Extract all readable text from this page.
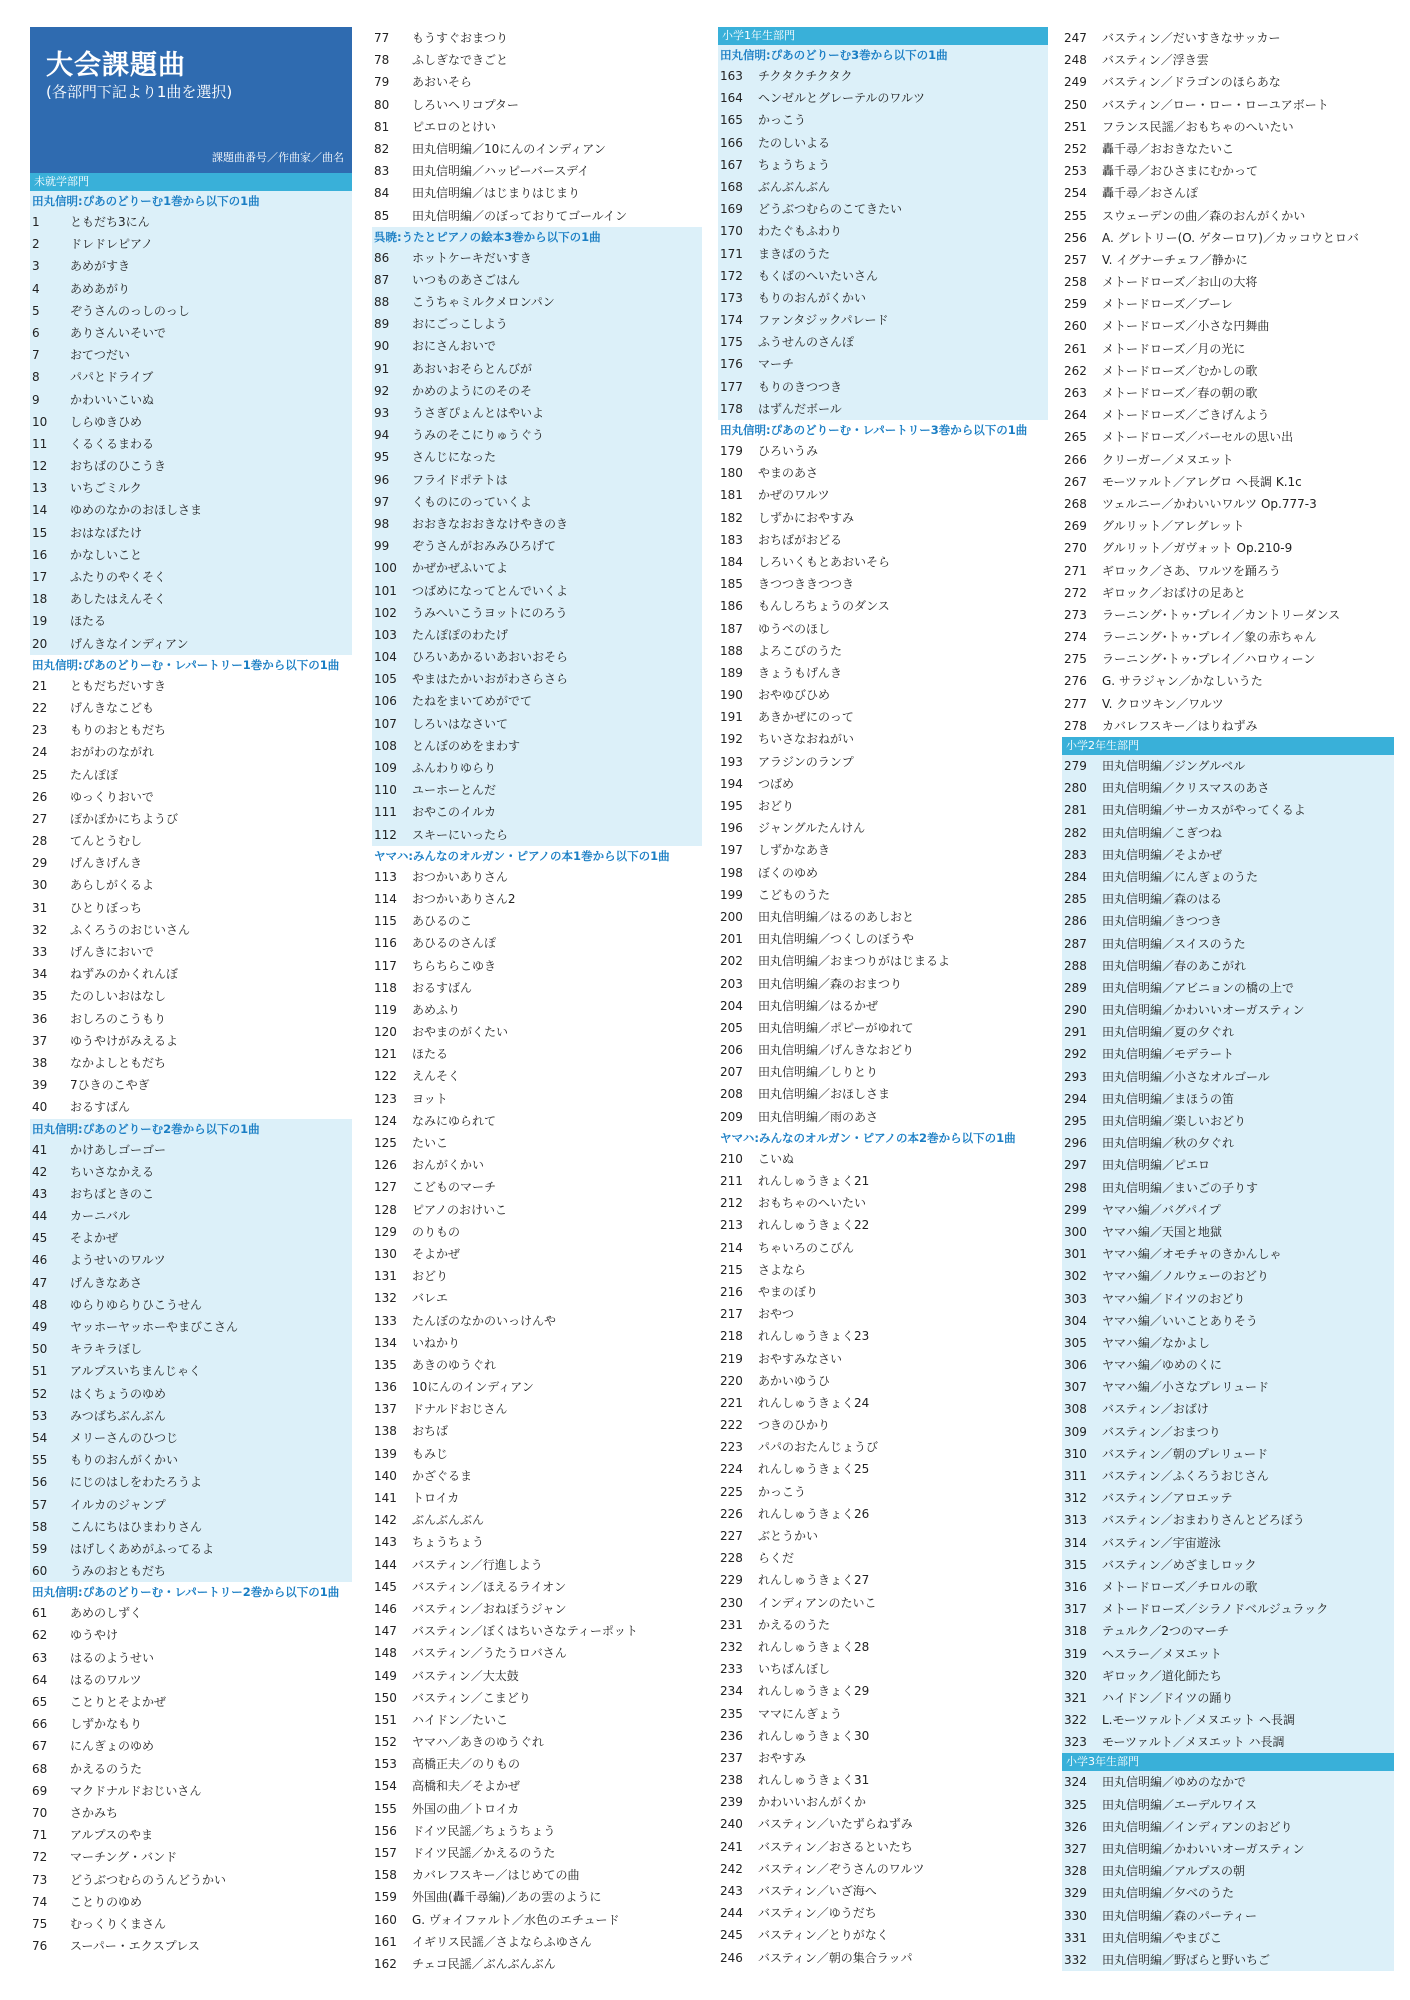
大会課題曲
(各部門下記より1曲を選択)
課題曲番号／作曲家／曲名
未就学部門
田丸信明:ぴあのどりーむ1巻から以下の1曲
1	ともだち3にん
2	ドレドレピアノ
3	あめがすき
4	あめあがり
5	ぞうさんのっしのっし
6	ありさんいそいで
7	おてつだい
8	パパとドライブ
9	かわいいこいぬ
10 しらゆきひめ
11 くるくるまわる
12 おちばのひこうき
13 いちごミルク
14 ゆめのなかのおほしさま
15 おはなばたけ
16 かなしいこと
17 ふたりのやくそく
18 あしたはえんそく
19 ほたる
20 げんきなインディアン
田丸信明:ぴあのどりーむ・レパートリー1巻から以下の1曲
21 ともだちだいすき
22 げんきなこども
23 もりのおともだち
24 おがわのながれ
25 たんぽぽ
26 ゆっくりおいで
27 ぽかぽかにちようび
28 てんとうむし
29 げんきげんき
30 あらしがくるよ
31 ひとりぼっち
32 ふくろうのおじいさん
33 げんきにおいで
34 ねずみのかくれんぼ
35 たのしいおはなし
36 おしろのこうもり
37 ゆうやけがみえるよ
38 なかよしともだち
39 7ひきのこやぎ
40 おるすばん
田丸信明:ぴあのどりーむ2巻から以下の1曲
41 かけあしゴーゴー
42 ちいさなかえる
43 おちばときのこ
44 カーニバル
45 そよかぜ
46 ようせいのワルツ
47 げんきなあさ
48 ゆらりゆらりひこうせん
49 ヤッホーヤッホーやまびこさん
50 キラキラぼし
51 アルプスいちまんじゃく
52 はくちょうのゆめ
53 みつばちぶんぶん
54 メリーさんのひつじ
55 もりのおんがくかい
56 にじのはしをわたろうよ
57 イルカのジャンプ
58 こんにちはひまわりさん
59 はげしくあめがふってるよ
60 うみのおともだち
田丸信明:ぴあのどりーむ・レパートリー2巻から以下の1曲
61 あめのしずく
62 ゆうやけ
63 はるのようせい
64 はるのワルツ
65 ことりとそよかぜ
66 しずかなもり
67 にんぎょのゆめ
68 かえるのうた
69 マクドナルドおじいさん
70 さかみち
71 アルプスのやま
72 マーチング・バンド
73 どうぶつむらのうんどうかい
74 ことりのゆめ
75 むっくりくまさん
76 スーパー・エクスプレス
77 もうすぐおまつり
78 ふしぎなできごと
79 あおいそら
80 しろいヘリコプター
81 ピエロのとけい
82 田丸信明編／10にんのインディアン
83 田丸信明編／ハッピーバースデイ
84 田丸信明編／はじまりはじまり
85 田丸信明編／のぼっておりてゴールイン
呉暁:うたとピアノの絵本3巻から以下の1曲
86 ホットケーキだいすき
87 いつものあさごはん
88 こうちゃミルクメロンパン
89 おにごっこしよう
90 おにさんおいで
91 あおいおそらとんびが
92 かめのようにのそのそ
93 うさぎぴょんとはやいよ
94 うみのそこにりゅうぐう
95 さんじになった
96 フライドポテトは
97 くものにのっていくよ
98 おおきなおおきなけやきのき
99 ぞうさんがおみみひろげて
100 かぜかぜふいてよ
101 つばめになってとんでいくよ
102 うみへいこうヨットにのろう
103 たんぽぽのわたげ
104 ひろいあかるいあおいおそら
105 やまはたかいおがわさらさら
106 たねをまいてめがでて
107 しろいはなさいて
108 とんぼのめをまわす
109 ふんわりゆらり
110 ユーホーとんだ
111 おやこのイルカ
112 スキーにいったら
ヤマハ:みんなのオルガン・ピアノの本1巻から以下の1曲
113 おつかいありさん
114 おつかいありさん2
115 あひるのこ
116 あひるのさんぽ
117 ちらちらこゆき
118 おるすばん
119 あめふり
120 おやまのがくたい
121 ほたる
122 えんそく
123 ヨット
124 なみにゆられて
125 たいこ
126 おんがくかい
127 こどものマーチ
128 ピアノのおけいこ
129 のりもの
130 そよかぜ
131 おどり
132 バレエ
133 たんぼのなかのいっけんや
134 いねかり
135 あきのゆうぐれ
136 10にんのインディアン
137 ドナルドおじさん
138 おちば
139 もみじ
140 かざぐるま
141 トロイカ
142 ぶんぶんぶん
143 ちょうちょう
144 バスティン／行進しよう
145 バスティン／ほえるライオン
146 バスティン／おねぼうジャン
147 バスティン／ぼくはちいさなティーポット
148 バスティン／うたうロバさん
149 バスティン／大太鼓
150 バスティン／こまどり
151 ハイドン／たいこ
152 ヤマハ／あきのゆうぐれ
153 高橋正夫／のりもの
154 高橋和夫／そよかぜ
155 外国の曲／トロイカ
156 ドイツ民謡／ちょうちょう
157 ドイツ民謡／かえるのうた
158 カバレフスキー／はじめての曲
159 外国曲(轟千尋編)／あの雲のように
160 G. ヴォイファルト／水色のエチュード
161 イギリス民謡／さよならふゆさん
162 チェコ民謡／ぶんぶんぶん
小学1年生部門
田丸信明:ぴあのどりーむ3巻から以下の1曲
163 チクタクチクタク
164 ヘンゼルとグレーテルのワルツ
165 かっこう
166 たのしいよる
167 ちょうちょう
168 ぶんぶんぶん
169 どうぶつむらのこてきたい
170 わたぐもふわり
171 まきばのうた
172 もくばのへいたいさん
173 もりのおんがくかい
174 ファンタジックパレード
175 ふうせんのさんぽ
176 マーチ
177 もりのきつつき
178 はずんだボール
田丸信明:ぴあのどりーむ・レパートリー3巻から以下の1曲
179 ひろいうみ
180 やまのあさ
181 かぜのワルツ
182 しずかにおやすみ
183 おちばがおどる
184 しろいくもとあおいそら
185 きつつききつつき
186 もんしろちょうのダンス
187 ゆうべのほし
188 よろこびのうた
189 きょうもげんき
190 おやゆびひめ
191 あきかぜにのって
192 ちいさなおねがい
193 アラジンのランプ
194 つばめ
195 おどり
196 ジャングルたんけん
197 しずかなあき
198 ぼくのゆめ
199 こどものうた
200 田丸信明編／はるのあしおと
201 田丸信明編／つくしのぼうや
202 田丸信明編／おまつりがはじまるよ
203 田丸信明編／森のおまつり
204 田丸信明編／はるかぜ
205 田丸信明編／ポピーがゆれて
206 田丸信明編／げんきなおどり
207 田丸信明編／しりとり
208 田丸信明編／おほしさま
209 田丸信明編／雨のあさ
ヤマハ:みんなのオルガン・ピアノの本2巻から以下の1曲
210 こいぬ
211 れんしゅうきょく21
212 おもちゃのへいたい
213 れんしゅうきょく22
214 ちゃいろのこびん
215 さよなら
216 やまのぼり
217 おやつ
218 れんしゅうきょく23
219 おやすみなさい
220 あかいゆうひ
221 れんしゅうきょく24
222 つきのひかり
223 パパのおたんじょうび
224 れんしゅうきょく25
225 かっこう
226 れんしゅうきょく26
227 ぶとうかい
228 らくだ
229 れんしゅうきょく27
230 インディアンのたいこ
231 かえるのうた
232 れんしゅうきょく28
233 いちばんぼし
234 れんしゅうきょく29
235 ママにんぎょう
236 れんしゅうきょく30
237 おやすみ
238 れんしゅうきょく31
239 かわいいおんがくか
240 バスティン／いたずらねずみ
241 バスティン／おさるといたち
242 バスティン／ぞうさんのワルツ
243 バスティン／いざ海へ
244 バスティン／ゆうだち
245 バスティン／とりがなく
246 バスティン／朝の集合ラッパ
247 バスティン／だいすきなサッカー
248 バスティン／浮き雲
249 バスティン／ドラゴンのほらあな
250 バスティン／ロー・ロー・ローユアボート
251 フランス民謡／おもちゃのへいたい
252 轟千尋／おおきなたいこ
253 轟千尋／おひさまにむかって
254 轟千尋／おさんぽ
255 スウェーデンの曲／森のおんがくかい
256 A. グレトリー(O. ゲターロワ)／カッコウとロバ
257 V. イグナーチェフ／静かに
258 メトードローズ／お山の大将
259 メトードローズ／ブーレ
260 メトードローズ／小さな円舞曲
261 メトードローズ／月の光に
262 メトードローズ／むかしの歌
263 メトードローズ／春の朝の歌
264 メトードローズ／ごきげんよう
265 メトードローズ／バーセルの思い出
266 クリーガー／メヌエット
267 モーツァルト／アレグロ ヘ長調 K.1c
268 ツェルニー／かわいいワルツ Op.777-3
269 グルリット／アレグレット
270 グルリット／ガヴォット Op.210-9
271 ギロック／さあ、ワルツを踊ろう
272 ギロック／おばけの足あと
273 ラーニング･トゥ･プレイ／カントリーダンス
274 ラーニング･トゥ･プレイ／象の赤ちゃん
275 ラーニング･トゥ･プレイ／ハロウィーン
276 G. サラジャン／かなしいうた
277 V. クロツキン／ワルツ
278 カバレフスキー／はりねずみ
小学2年生部門
279 田丸信明編／ジングルベル
280 田丸信明編／クリスマスのあさ
281 田丸信明編／サーカスがやってくるよ
282 田丸信明編／こぎつね
283 田丸信明編／そよかぜ
284 田丸信明編／にんぎょのうた
285 田丸信明編／森のはる
286 田丸信明編／きつつき
287 田丸信明編／スイスのうた
288 田丸信明編／春のあこがれ
289 田丸信明編／アビニョンの橋の上で
290 田丸信明編／かわいいオーガスティン
291 田丸信明編／夏の夕ぐれ
292 田丸信明編／モデラート
293 田丸信明編／小さなオルゴール
294 田丸信明編／まほうの笛
295 田丸信明編／楽しいおどり
296 田丸信明編／秋の夕ぐれ
297 田丸信明編／ピエロ
298 田丸信明編／まいごの子りす
299 ヤマハ編／バグパイプ
300 ヤマハ編／天国と地獄
301 ヤマハ編／オモチャのきかんしゃ
302 ヤマハ編／ノルウェーのおどり
303 ヤマハ編／ドイツのおどり
304 ヤマハ編／いいことありそう
305 ヤマハ編／なかよし
306 ヤマハ編／ゆめのくに
307 ヤマハ編／小さなプレリュード
308 バスティン／おばけ
309 バスティン／おまつり
310 バスティン／朝のプレリュード
311 バスティン／ふくろうおじさん
312 バスティン／アロエッテ
313 バスティン／おまわりさんとどろぼう
314 バスティン／宇宙遊泳
315 バスティン／めざましロック
316 メトードローズ／チロルの歌
317 メトードローズ／シラノドベルジュラック
318 テュルク／2つのマーチ
319 ヘスラー／メヌエット
320 ギロック／道化師たち
321 ハイドン／ドイツの踊り
322 L.モーツァルト／メヌエット ヘ長調
323 モーツァルト／メヌエット ハ長調
小学3年生部門
324 田丸信明編／ゆめのなかで
325 田丸信明編／エーデルワイス
326 田丸信明編／インディアンのおどり
327 田丸信明編／かわいいオーガスティン
328 田丸信明編／アルプスの朝
329 田丸信明編／夕べのうた
330 田丸信明編／森のパーティー
331 田丸信明編／やまびこ
332 田丸信明編／野ばらと野いちご
